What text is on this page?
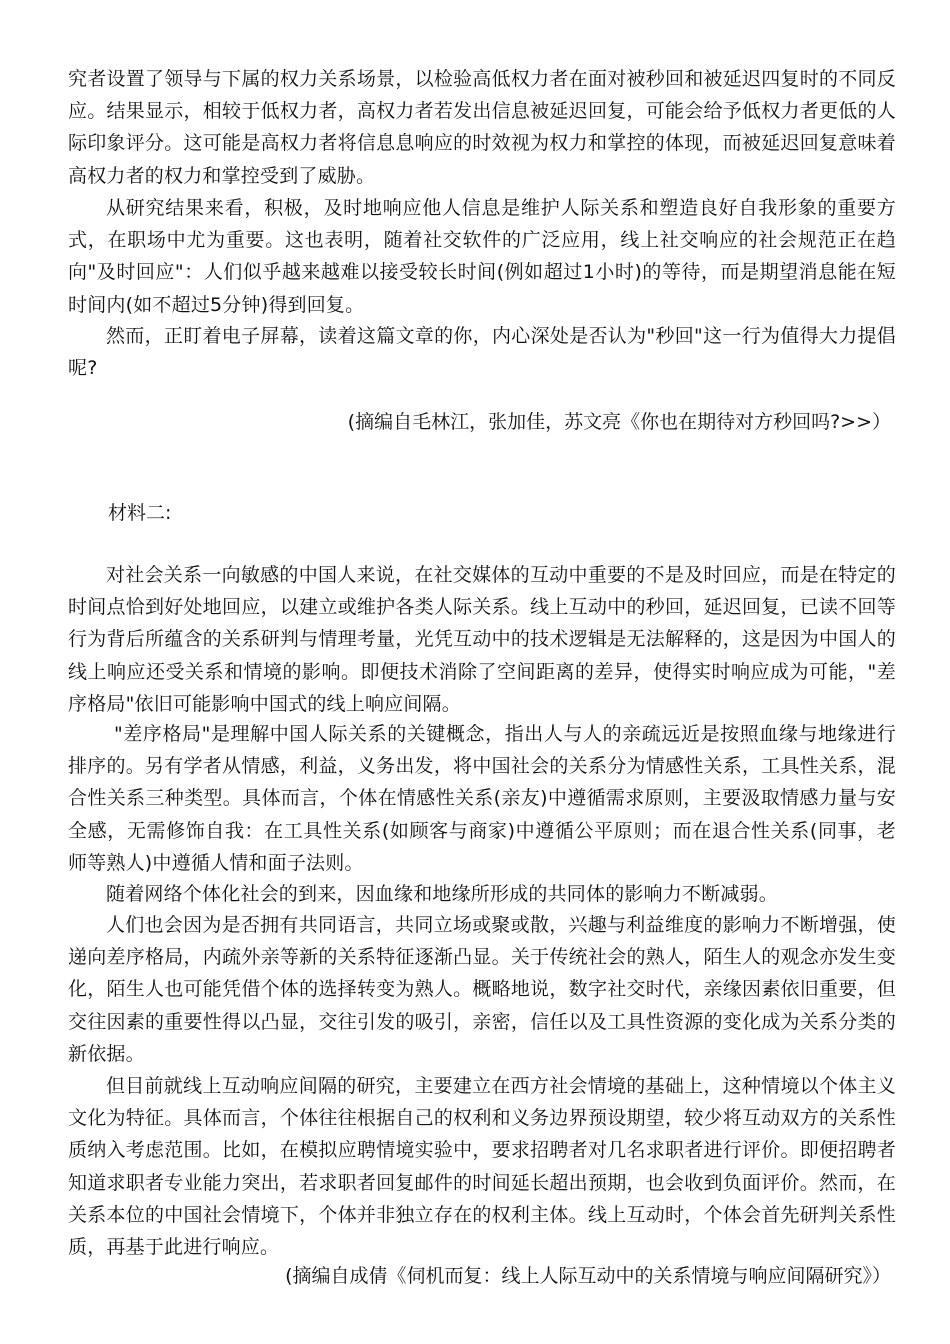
究者设置了领导与下属的权力关系场景，以检验高低权力者在面对被秒回和被延迟四复时的不同反应。结果显示，相较于低权力者，高权力者若发出信息被延迟回复，可能会给予低权力者更低的人际印象评分。这可能是高权力者将信息息响应的时效视为权力和掌控的体现，而被延迟回复意味着高权力者的权力和掌控受到了威胁。

从研究结果来看，积极，及时地响应他人信息是维护人际关系和塑造良好自我形象的重要方式，在职场中尤为重要。这也表明，随着社交软件的广泛应用，线上社交响应的社会规范正在趋向"及时回应"：人们似乎越来越难以接受较长时间(例如超过1小时)的等待，而是期望消息能在短时间内(如不超过5分钟)得到回复。

然而，正盯着电子屏幕，读着这篇文章的你，内心深处是否认为"秒回"这一行为值得大力提倡呢?

(摘编自毛林江，张加佳，苏文亮《你也在期待对方秒回吗?>>）
材料二:

对社会关系一向敏感的中国人来说，在社交媒体的互动中重要的不是及时回应，而是在特定的时间点恰到好处地回应，以建立或维护各类人际关系。线上互动中的秒回，延迟回复，已读不回等行为背后所蕴含的关系研判与情理考量，光凭互动中的技术逻辑是无法解释的，这是因为中国人的线上响应还受关系和情境的影响。即便技术消除了空间距离的差异，使得实时响应成为可能，"差序格局"依旧可能影响中国式的线上响应间隔。

"差序格局"是理解中国人际关系的关键概念，指出人与人的亲疏远近是按照血缘与地缘进行排序的。另有学者从情感，利益，义务出发，将中国社会的关系分为情感性关系，工具性关系，混合性关系三种类型。具体而言，个体在情感性关系(亲友)中遵循需求原则，主要汲取情感力量与安全感，无需修饰自我：在工具性关系(如顾客与商家)中遵循公平原则；而在退合性关系(同事，老师等熟人)中遵循人情和面子法则。

随着网络个体化社会的到来，因血缘和地缘所形成的共同体的影响力不断减弱。

人们也会因为是否拥有共同语言，共同立场或聚或散，兴趣与利益维度的影响力不断增强，使递向差序格局，内疏外亲等新的关系特征逐渐凸显。关于传统社会的熟人，陌生人的观念亦发生变化，陌生人也可能凭借个体的选择转变为熟人。概略地说，数字社交时代，亲缘因素依旧重要，但交往因素的重要性得以凸显，交往引发的吸引，亲密，信任以及工具性资源的变化成为关系分类的新依据。

但目前就线上互动响应间隔的研究，主要建立在西方社会情境的基础上，这种情境以个体主义文化为特征。具体而言，个体往往根据自己的权利和义务边界预设期望，较少将互动双方的关系性质纳入考虑范围。比如，在模拟应聘情境实验中，要求招聘者对几名求职者进行评价。即便招聘者知道求职者专业能力突出，若求职者回复邮件的时间延长超出预期，也会收到负面评价。然而，在关系本位的中国社会情境下，个体并非独立存在的权利主体。线上互动时，个体会首先研判关系性质，再基于此进行响应。

(摘编自成倩《伺机而复：线上人际互动中的关系情境与响应间隔研究》）
